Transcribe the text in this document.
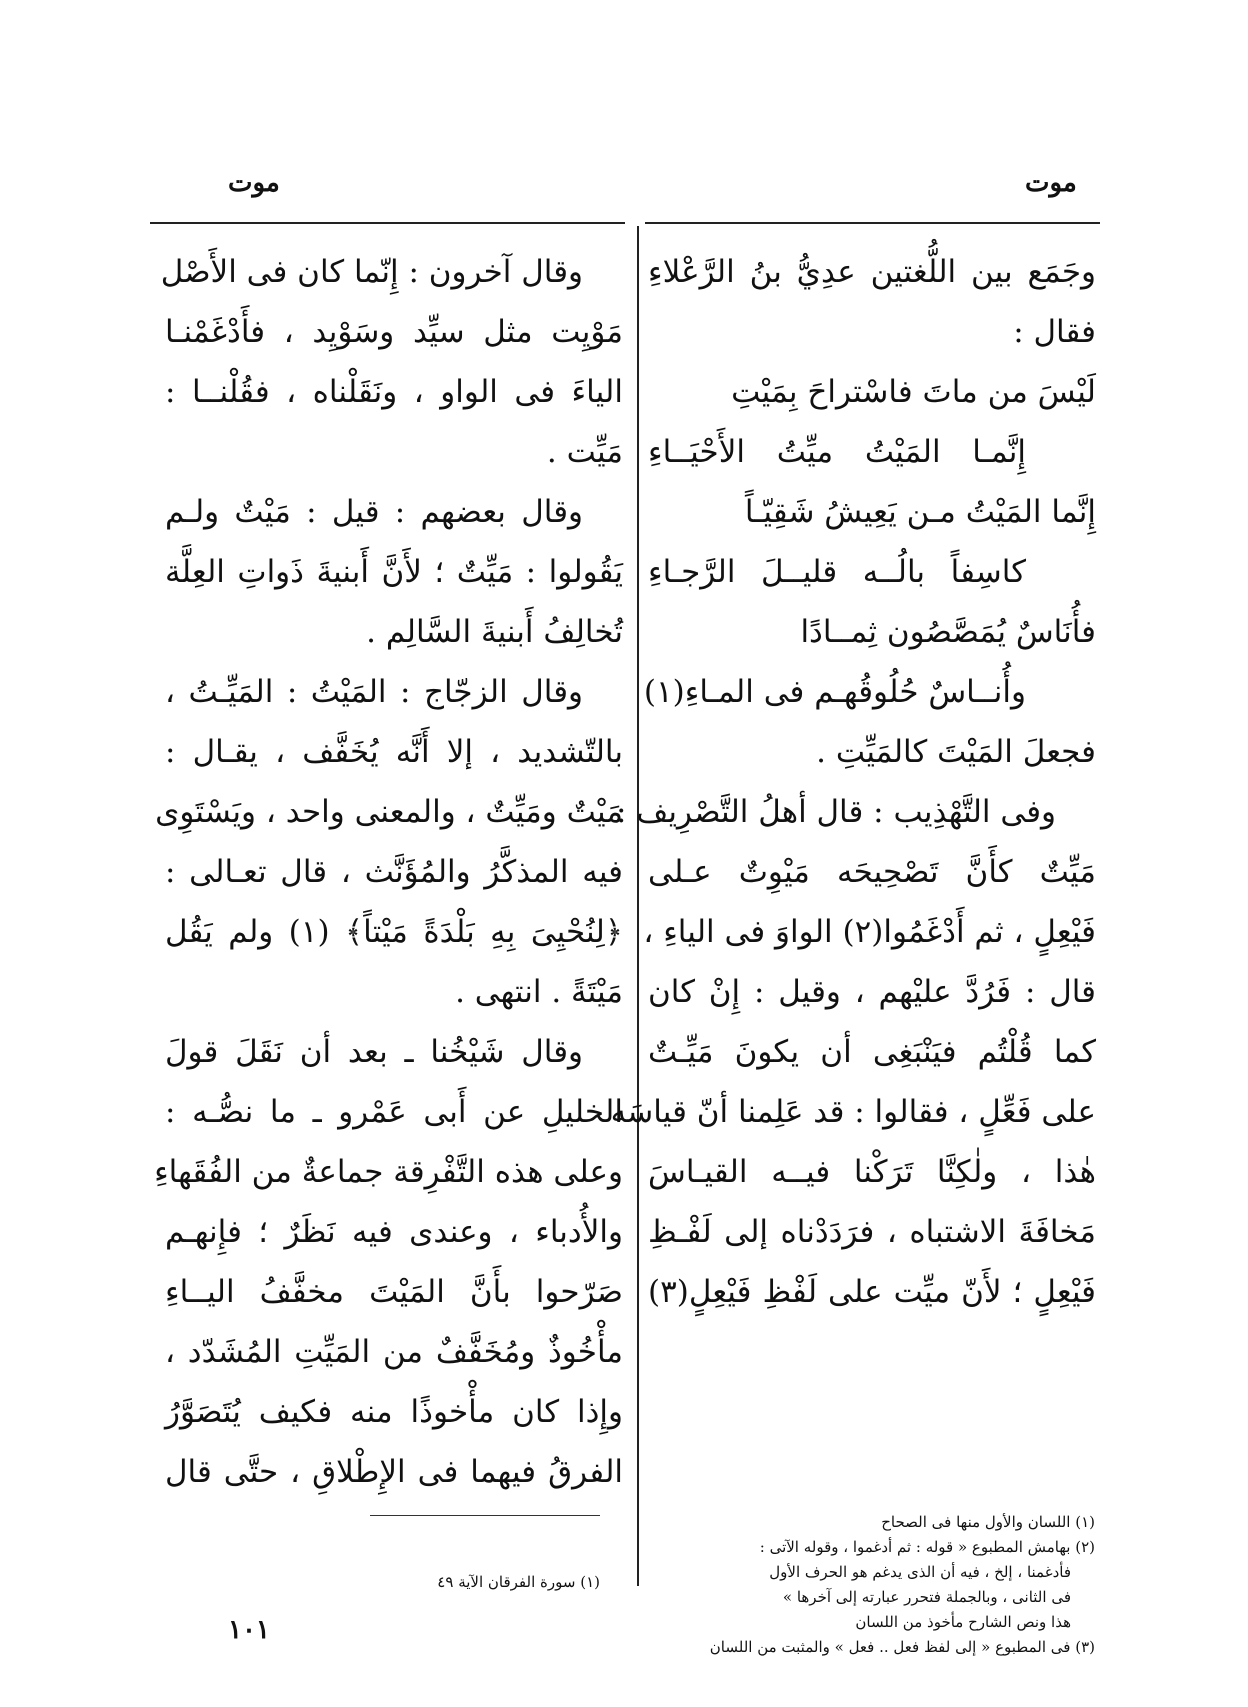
موت
موت
وجَمَع بين اللُّغتين عدِيُّ بنُ الرَّعْلاءِ
فقال :
لَيْسَ من ماتَ فاسْتراحَ بِمَيْتِ
إِنَّمـا المَيْتُ ميِّتُ الأَحْيَــاءِ
إِنَّما المَيْتُ مـن يَعِيشُ شَقِيّـاً
كاسِفاً بالُــه قليــلَ الرَّجـاءِ
فأُنَاسٌ يُمَصَّصُون ثِمــادًا
وأُنــاسٌ حُلُوقُهـم فى المـاءِ(١)
فجعلَ المَيْتَ كالمَيِّتِ .
وفى التَّهْذِيب : قال أهلُ التَّصْرِيف :
مَيِّتٌ كأَنَّ تَصْحِيحَه مَيْوِتٌ عـلى
فَيْعِلٍ ، ثم أَدْغَمُوا(٢) الواوَ فى الياءِ ،
قال : فَرُدَّ عليْهم ، وقيل : إِنْ كان
كما قُلْتُم فيَنْبَغِى أن يكونَ مَيِّـتٌ
على فَعِّلٍ ، فقالوا : قد عَلِمنا أنّ قياسَه
هٰذا ، ولٰكِنَّا تَرَكْنا فيــه القيـاسَ
مَخافَةَ الاشتباه ، فرَدَدْناه إلى لَفْـظِ
فَيْعِلٍ ؛ لأَنّ ميِّت على لَفْظِ فَيْعِلٍ(٣)
وقال آخرون : إِنّما كان فى الأَصْل
مَوْيِت مثل سيِّد وسَوْيِد ، فأَدْغَمْنـا
الياءَ فى الواو ، ونَقَلْناه ، فقُلْنــا :
مَيِّت .
وقال بعضهم : قيل : مَيْتٌ ولـم
يَقُولوا : مَيِّتٌ ؛ لأَنَّ أَبنيةَ ذَواتِ العِلَّة
تُخالِفُ أَبنيةَ السَّالِم .
وقال الزجّاج : المَيْتُ : المَيِّـتُ ،
بالتّشديد ، إلا أَنَّه يُخَفَّف ، يقـال :
مَيْتٌ ومَيِّتٌ ، والمعنى واحد ، ويَسْتَوِى
فيه المذكَّرُ والمُؤَنَّث ، قال تعـالى :
﴿لِنُحْيِىَ بِهِ بَلْدَةً مَيْتاً﴾ (١) ولم يَقُل
مَيْتَةً . انتهى .
وقال شَيْخُنا ـ بعد أن نَقَلَ قولَ
الخليلِ عن أَبى عَمْرو ـ ما نصُّـه :
وعلى هذه التَّفْرِقة جماعةٌ من الفُقَهاءِ
والأُدباء ، وعندى فيه نَظَرٌ ؛ فإِنهـم
صَرّحوا بأَنَّ المَيْتَ مخفَّفُ اليــاءِ
مأْخُوذٌ ومُخَفَّفٌ من المَيِّتِ المُشَدّد ،
وإِذا كان مأْخوذًا منه فكيف يُتَصَوَّرُ
الفرقُ فيهما فى الإِطْلاقِ ، حتَّى قال
(١) اللسان والأول منها فى الصحاح
(٢) بهامش المطبوع « قوله : ثم أدغموا ، وقوله الآتى :
فأدغمنا ، إلخ ، فيه أن الذى يدغم هو الحرف الأول
فى الثانى ، وبالجملة فتحرر عبارته إلى آخرها »
هذا ونص الشارح مأخوذ من اللسان
(٣) فى المطبوع « إلى لفظ فعل .. فعل » والمثبت من اللسان
(١) سورة الفرقان الآية ٤٩
١٠١
